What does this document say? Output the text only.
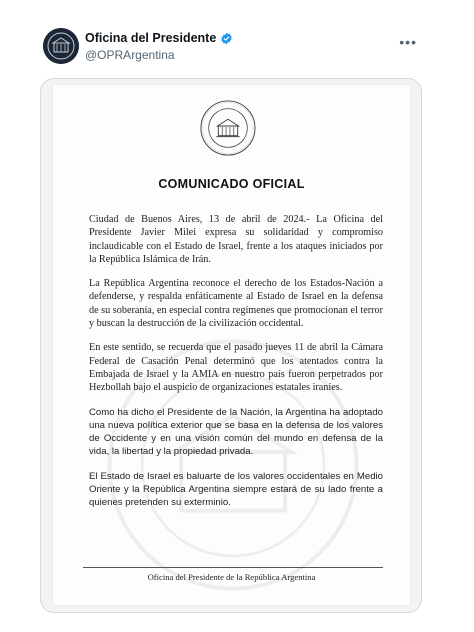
Oficina del Presidente
@OPRArgentina
•••
COMUNICADO OFICIAL

Ciudad de Buenos Aires, 13 de abril de 2024.- La Oficina del Presidente Javier Milei expresa su solidaridad y compromiso inclaudicable con el Estado de Israel, frente a los ataques iniciados por la República Islámica de Irán.

La República Argentina reconoce el derecho de los Estados-Nación a defenderse, y respalda enfáticamente al Estado de Israel en la defensa de su soberanía, en especial contra regímenes que promocionan el terror y buscan la destrucción de la civilización occidental.

En este sentido, se recuerda que el pasado jueves 11 de abril la Cámara Federal de Casación Penal determinó que los atentados contra la Embajada de Israel y la AMIA en nuestro país fueron perpetrados por Hezbollah bajo el auspicio de organizaciones estatales iraníes.

Como ha dicho el Presidente de la Nación, la Argentina ha adoptado una nueva política exterior que se basa en la defensa de los valores de Occidente y en una visión común del mundo en defensa de la vida, la libertad y la propiedad privada.

El Estado de Israel es baluarte de los valores occidentales en Medio Oriente y la República Argentina siempre estará de su lado frente a quienes pretenden su exterminio.

Oficina del Presidente de la República Argentina
